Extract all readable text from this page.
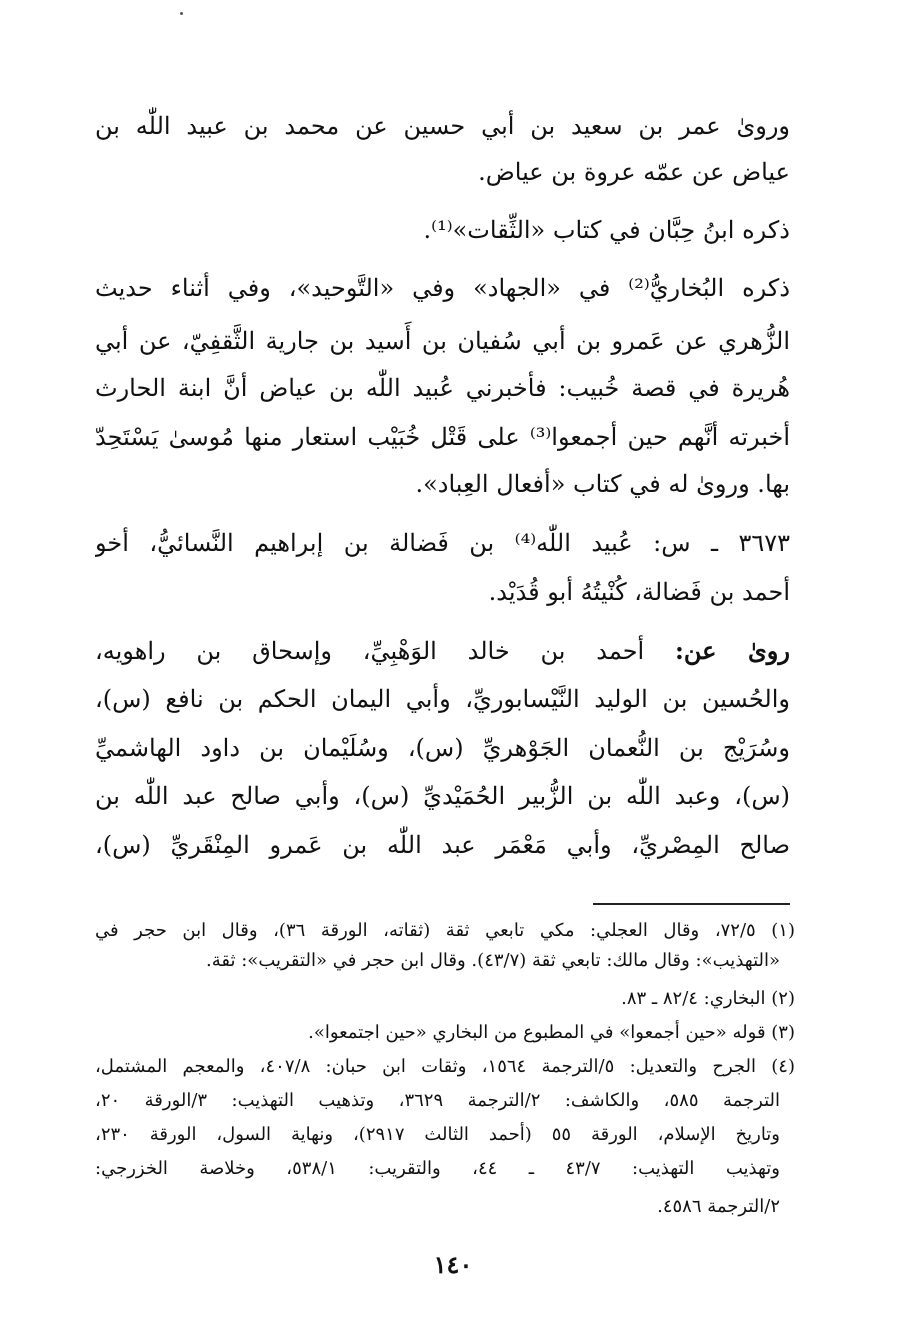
وروىٰ عمر بن سعيد بن أبي حسين عن محمد بن عبيد اللّٰه بن
عياض عن عمّه عروة بن عياض.
ذكره ابنُ حِبَّان في كتاب «الثِّقات»⁽¹⁾.
ذكره البُخاريُّ⁽²⁾ في «الجهاد» وفي «التَّوحيد»، وفي أثناء حديث
الزُّهري عن عَمرو بن أبي سُفيان بن أَسيد بن جارية الثَّقفِيّ، عن أبي
هُريرة في قصة خُبيب: فأخبرني عُبيد اللّٰه بن عياض أنَّ ابنة الحارث
أخبرته أنَّهم حين أجمعوا⁽³⁾ على قَتْل خُبَيْب استعار منها مُوسىٰ يَسْتَحِدّ
بها. وروىٰ له في كتاب «أفعال العِباد».
٣٦٧٣ ـ س: عُبيد اللّٰه⁽⁴⁾ بن فَضالة بن إبراهيم النَّسائيُّ، أخو
أحمد بن فَضالة، كُنْيتُهُ أبو قُدَيْد.
روىٰ عن: أحمد بن خالد الوَهْبِيِّ، وإسحاق بن راهويه،
والحُسين بن الوليد النَّيْسابوريِّ، وأبي اليمان الحكم بن نافع (س)،
وسُرَيْج بن النُّعمان الجَوْهريِّ (س)، وسُلَيْمان بن داود الهاشميِّ
(س)، وعبد اللّٰه بن الزُّبير الحُمَيْديِّ (س)، وأبي صالح عبد اللّٰه بن
صالح المِصْريِّ، وأبي مَعْمَر عبد اللّٰه بن عَمرو المِنْقَريِّ (س)،
(١) ٧٢/٥، وقال العجلي: مكي تابعي ثقة (ثقاته، الورقة ٣٦)، وقال ابن حجر في
«التهذيب»: وقال مالك: تابعي ثقة (٤٣/٧). وقال ابن حجر في «التقريب»: ثقة.
(٢) البخاري: ٨٢/٤ ـ ٨٣.
(٣) قوله «حين أجمعوا» في المطبوع من البخاري «حين اجتمعوا».
(٤) الجرح والتعديل: ٥/الترجمة ١٥٦٤، وثقات ابن حبان: ٤٠٧/٨، والمعجم المشتمل،
الترجمة ٥٨٥، والكاشف: ٢/الترجمة ٣٦٢٩، وتذهيب التهذيب: ٣/الورقة ٢٠،
وتاريخ الإسلام، الورقة ٥٥ (أحمد الثالث ٢٩١٧)، ونهاية السول، الورقة ٢٣٠،
وتهذيب التهذيب: ٤٣/٧ ـ ٤٤، والتقريب: ٥٣٨/١، وخلاصة الخزرجي:
٢/الترجمة ٤٥٨٦.
١٤٠
